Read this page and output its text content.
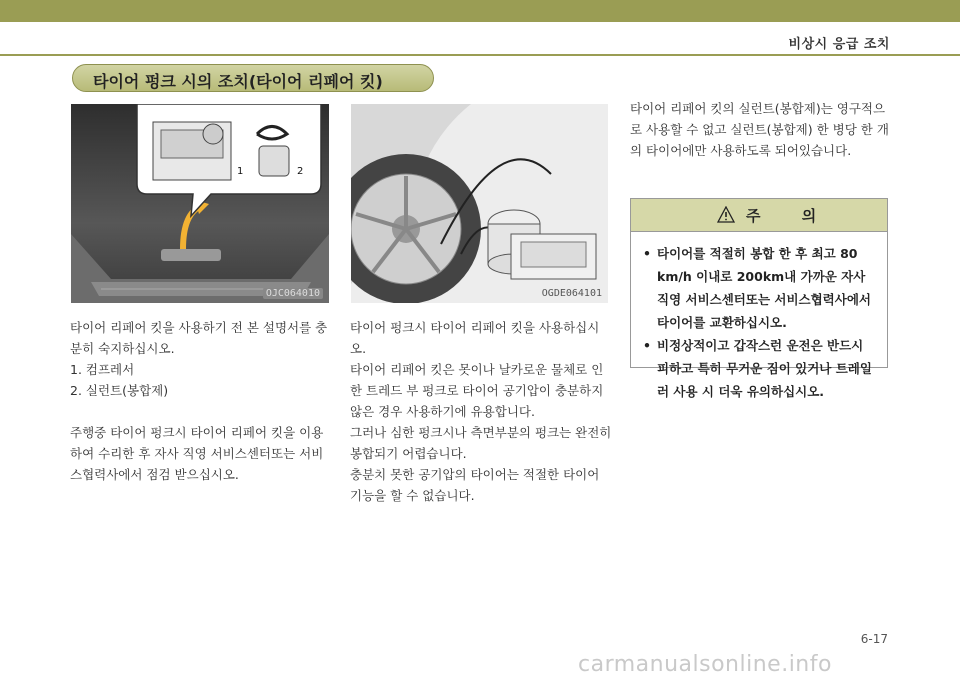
비상시 응급 조치
타이어 펑크 시의 조치(타이어 리페어 킷)
1	2
OJC064010	OGDE064101

타이어 리페어 킷을 사용하기 전 본 설명서를 충분히 숙지하십시오.

1. 컴프레서

2. 실런트(봉합제)

주행중 타이어 펑크시 타이어 리페어 킷을 이용하여 수리한 후 자사 직영 서비스센터또는 서비스협력사에서 점검 받으십시오.

타이어 펑크시 타이어 리페어 킷을 사용하십시오.

타이어 리페어 킷은 못이나 날카로운 물체로 인한 트레드 부 펑크로 타이어 공기압이 충분하지 않은 경우 사용하기에 유용합니다.

그러나 심한 펑크시나 측면부분의 펑크는 완전히 봉합되기 어렵습니다.

충분치 못한 공기압의 타이어는 적절한 타이어 기능을 할 수 없습니다.

타이어 리페어 킷의 실런트(봉합제)는 영구적으로 사용할 수 없고 실런트(봉합제) 한 병당 한 개의 타이어에만 사용하도록 되어있습니다.

주 의
• 타이어를 적절히 봉합 한 후 최고 80 km/h 이내로 200km내 가까운 자사 직영 서비스센터또는 서비스협력사에서 타이어를 교환하십시오.
• 비정상적이고 갑작스런 운전은 반드시 피하고 특히 무거운 짐이 있거나 트레일러 사용 시 더욱 유의하십시오.
6-17
carmanualsonline.info
